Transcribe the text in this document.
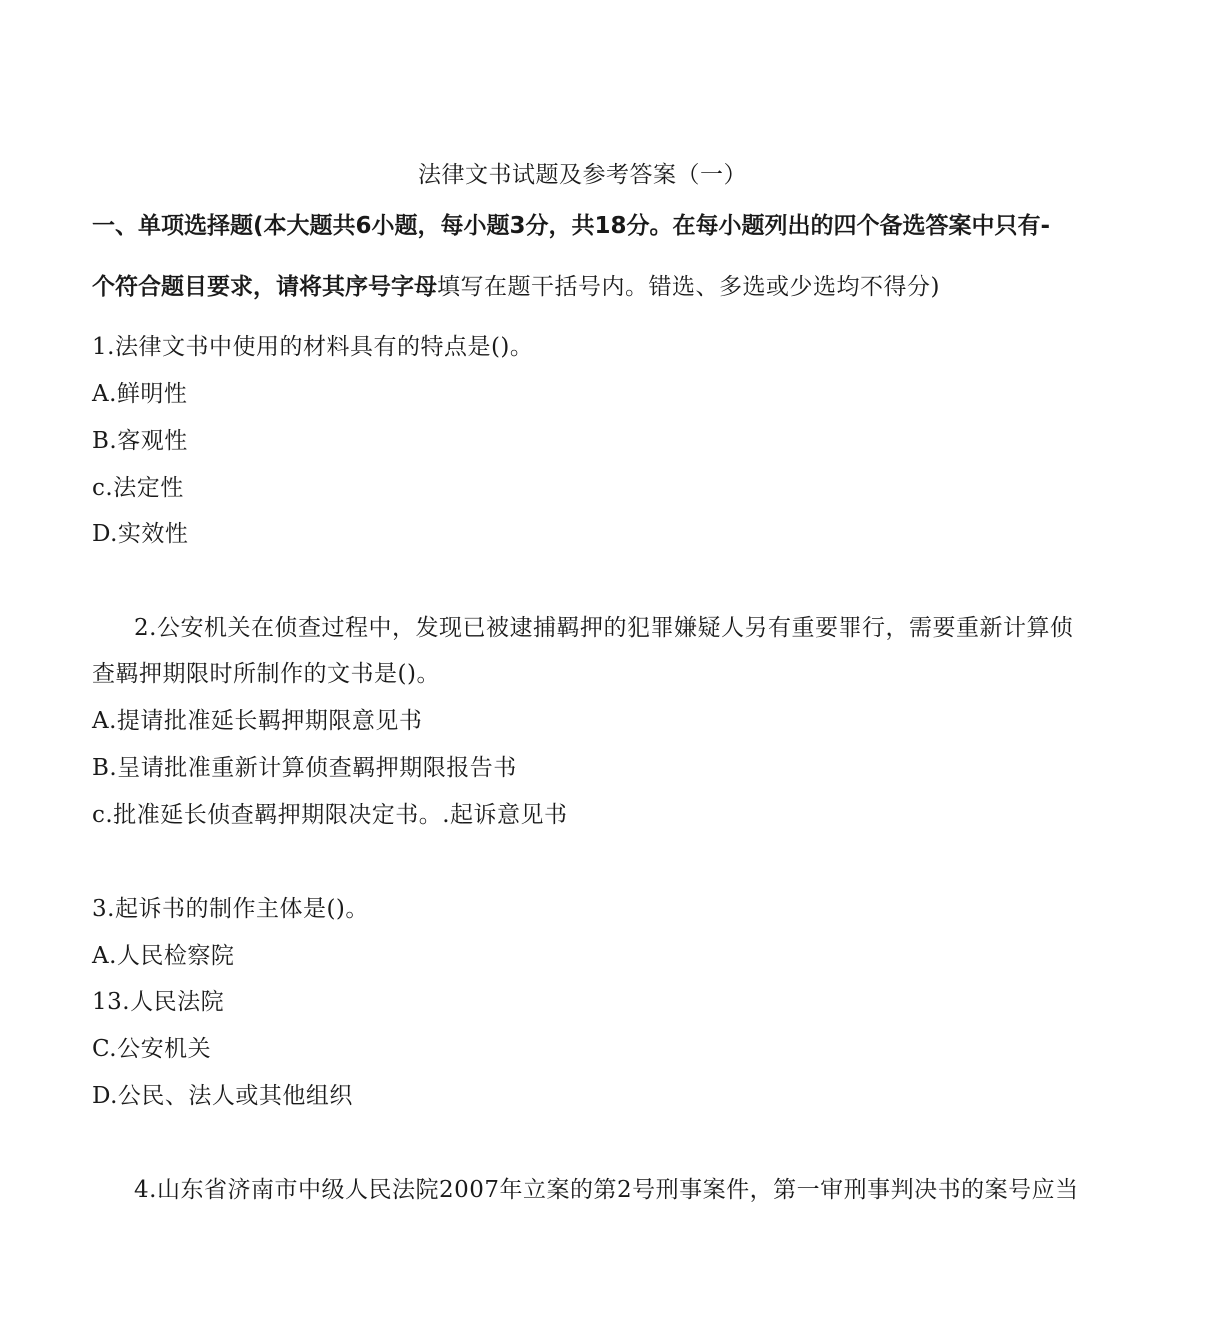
法律文书试题及参考答案（一）
一、单项选择题(本大题共6小题，每小题3分，共18分。在每小题列出的四个备选答案中只有-
个符合题目要求，请将其序号字母填写在题干括号内。错选、多选或少选均不得分)
1.法律文书中使用的材料具有的特点是()。
A.鲜明性
B.客观性
c.法定性
D.实效性
2.公安机关在侦查过程中，发现已被逮捕羁押的犯罪嫌疑人另有重要罪行，需要重新计算侦
查羁押期限时所制作的文书是()。
A.提请批准延长羁押期限意见书
B.呈请批准重新计算侦查羁押期限报告书
c.批准延长侦查羁押期限决定书。.起诉意见书
3.起诉书的制作主体是()。
A.人民检察院
13.人民法院
C.公安机关
D.公民、法人或其他组织
4.山东省济南市中级人民法院2007年立案的第2号刑事案件，第一审刑事判决书的案号应当
